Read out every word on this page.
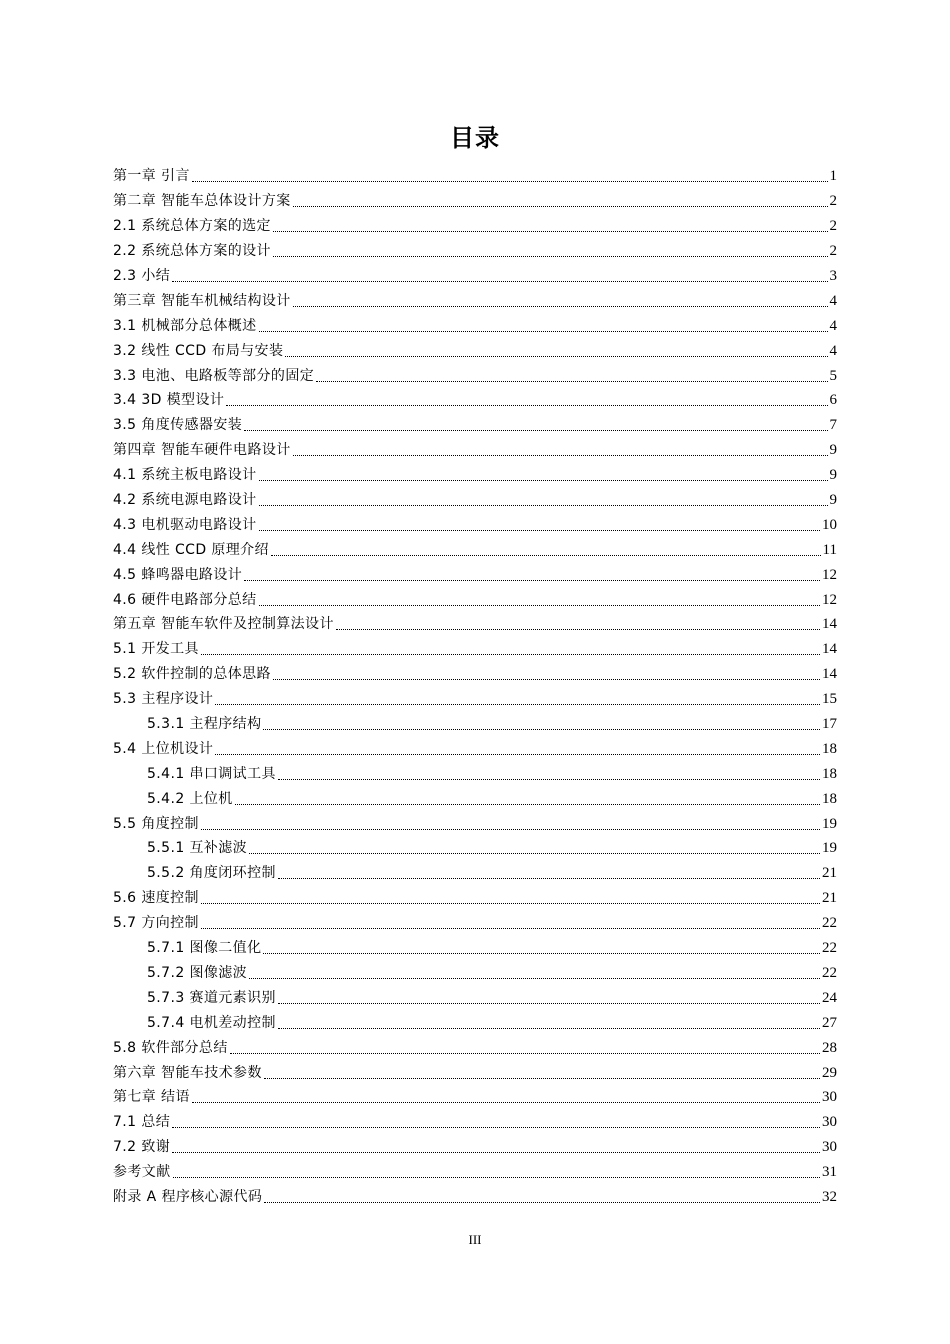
目录
第一章 引言	1
第二章 智能车总体设计方案	2
2.1 系统总体方案的选定	2
2.2 系统总体方案的设计	2
2.3 小结	3
第三章 智能车机械结构设计	4
3.1 机械部分总体概述	4
3.2 线性 CCD 布局与安装	4
3.3 电池、电路板等部分的固定	5
3.4 3D 模型设计	6
3.5 角度传感器安装	7
第四章 智能车硬件电路设计	9
4.1 系统主板电路设计	9
4.2 系统电源电路设计	9
4.3 电机驱动电路设计	10
4.4 线性 CCD 原理介绍	11
4.5 蜂鸣器电路设计	12
4.6 硬件电路部分总结	12
第五章 智能车软件及控制算法设计	14
5.1 开发工具	14
5.2 软件控制的总体思路	14
5.3 主程序设计	15
5.3.1 主程序结构	17
5.4 上位机设计	18
5.4.1 串口调试工具	18
5.4.2 上位机	18
5.5 角度控制	19
5.5.1 互补滤波	19
5.5.2 角度闭环控制	21
5.6 速度控制	21
5.7 方向控制	22
5.7.1 图像二值化	22
5.7.2 图像滤波	22
5.7.3 赛道元素识别	24
5.7.4 电机差动控制	27
5.8 软件部分总结	28
第六章 智能车技术参数	29
第七章 结语	30
7.1 总结	30
7.2 致谢	30
参考文献	31
附录 A 程序核心源代码	32
III
